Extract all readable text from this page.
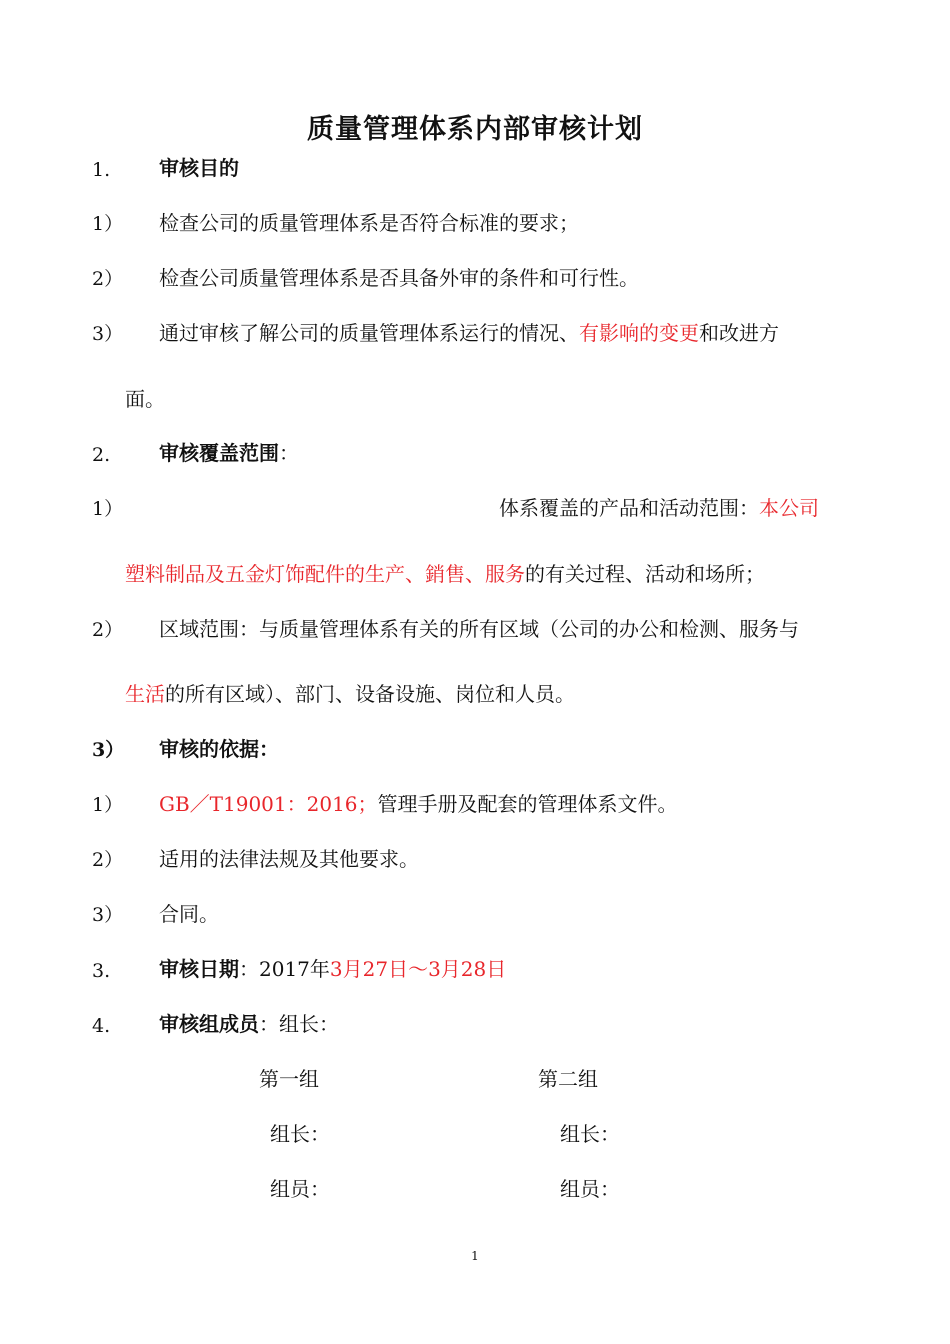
质量管理体系内部审核计划
1. 审核目的
1） 检查公司的质量管理体系是否符合标准的要求；
2） 检查公司质量管理体系是否具备外审的条件和可行性。
3） 通过审核了解公司的质量管理体系运行的情况、有影响的变更和改进方
面。
2. 审核覆盖范围：
1）	体系覆盖的产品和活动范围：本公司
塑料制品及五金灯饰配件的生产、銷售、服务的有关过程、活动和场所；
2） 区域范围：与质量管理体系有关的所有区域（公司的办公和检测、服务与
生活的所有区域）、部门、设备设施、岗位和人员。
3） 审核的依据：
1） GB／T19001：2016；管理手册及配套的管理体系文件。
2） 适用的法律法规及其他要求。
3） 合同。
3. 审核日期：2017年3月27日～3月28日
4. 审核组成员：组长：
第一组	第二组
组长：	组长：
组员：	组员：
1
